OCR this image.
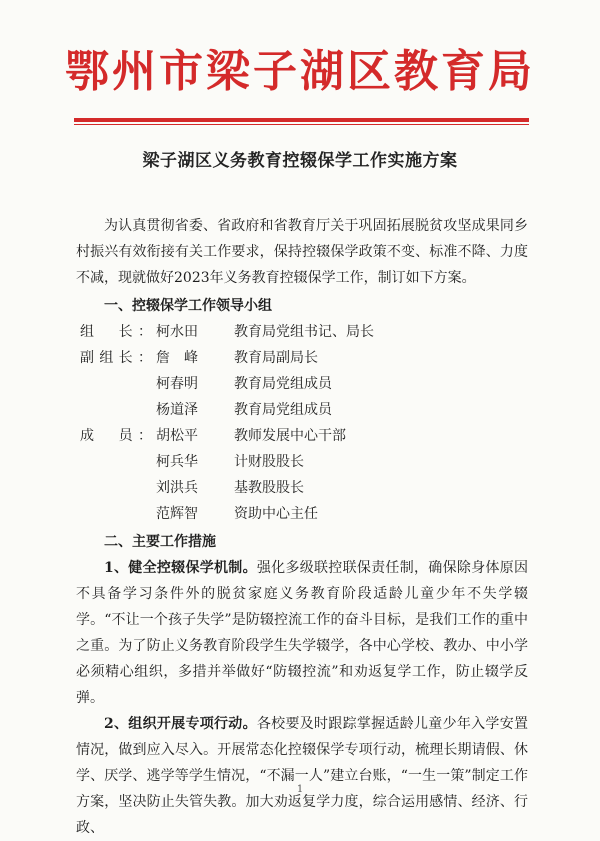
鄂州市梁子湖区教育局
梁子湖区义务教育控辍保学工作实施方案

为认真贯彻省委、省政府和省教育厅关于巩固拓展脱贫攻坚成果同乡村振兴有效衔接有关工作要求，保持控辍保学政策不变、标准不降、力度不减，现就做好2023年义务教育控辍保学工作，制订如下方案。

一、控辍保学工作领导小组

组　长： 柯水田	教育局党组书记、局长
副组长： 詹　峰	教育局副局长
柯春明	教育局党组成员
杨道泽	教育局党组成员
成　员： 胡松平	教师发展中心干部
柯兵华	计财股股长
刘洪兵	基教股股长
范辉智	资助中心主任

二、主要工作措施

1、健全控辍保学机制。强化多级联控联保责任制，确保除身体原因不具备学习条件外的脱贫家庭义务教育阶段适龄儿童少年不失学辍学。“不让一个孩子失学”是防辍控流工作的奋斗目标，是我们工作的重中之重。为了防止义务教育阶段学生失学辍学，各中心学校、教办、中小学必须精心组织，多措并举做好“防辍控流”和劝返复学工作，防止辍学反弹。

2、组织开展专项行动。各校要及时跟踪掌握适龄儿童少年入学安置情况，做到应入尽入。开展常态化控辍保学专项行动，梳理长期请假、休学、厌学、逃学等学生情况，“不漏一人”建立台账，“一生一策”制定工作方案，坚决防止失管失教。加大劝返复学力度，综合运用感情、经济、行政、

1
